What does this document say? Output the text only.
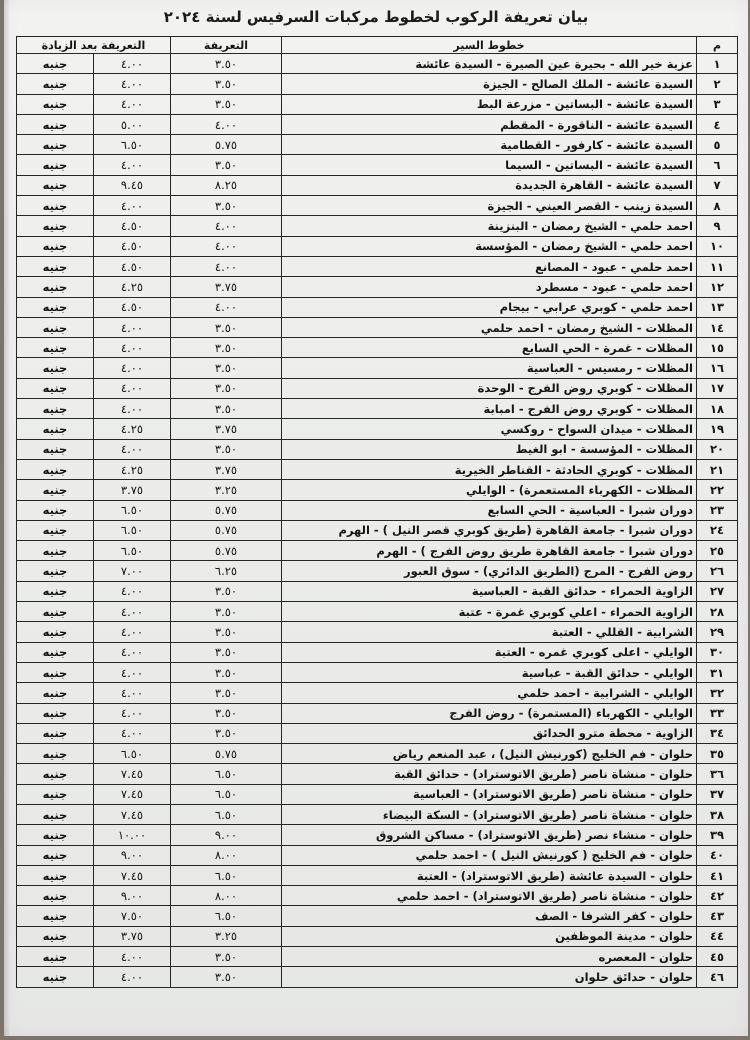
بيان تعريفة الركوب لخطوط مركبات السرفيس لسنة ٢٠٢٤
م	خطوط السير	التعريفة	التعريفة بعد الزيادة	
١	عزبة خير الله - بحيرة عين الصيرة - السيدة عائشة	٣.٥٠	٤.٠٠	جنيه
٢	السيدة عائشة - الملك الصالح - الجيزة	٣.٥٠	٤.٠٠	جنيه
٣	السيدة عائشة - البساتين - مزرعة البط	٣.٥٠	٤.٠٠	جنيه
٤	السيدة عائشة - الناقورة - المقطم	٤.٠٠	٥.٠٠	جنيه
٥	السيدة عائشة - كارفور - القطامية	٥.٧٥	٦.٥٠	جنيه
٦	السيدة عائشة - البساتين - السيما	٣.٥٠	٤.٠٠	جنيه
٧	السيدة عائشة - القاهرة الجديدة	٨.٢٥	٩.٤٥	جنيه
٨	السيدة زينب - القصر العيني - الجيزة	٣.٥٠	٤.٠٠	جنيه
٩	احمد حلمي - الشيخ رمضان - البنزينة	٤.٠٠	٤.٥٠	جنيه
١٠	احمد حلمي - الشيخ رمضان - المؤسسة	٤.٠٠	٤.٥٠	جنيه
١١	احمد حلمي - عبود - المصانع	٤.٠٠	٤.٥٠	جنيه
١٢	احمد حلمي - عبود - مسطرد	٣.٧٥	٤.٢٥	جنيه
١٣	احمد حلمي - كوبري عرابي - بيجام	٤.٠٠	٤.٥٠	جنيه
١٤	المظلات - الشيخ رمضان - احمد حلمي	٣.٥٠	٤.٠٠	جنيه
١٥	المظلات - غمرة - الحي السابع	٣.٥٠	٤.٠٠	جنيه
١٦	المظلات - رمسيس - العباسية	٣.٥٠	٤.٠٠	جنيه
١٧	المظلات - كوبري روض الفرج - الوحدة	٣.٥٠	٤.٠٠	جنيه
١٨	المظلات - كوبري روض الفرج - امبابة	٣.٥٠	٤.٠٠	جنيه
١٩	المظلات - ميدان السواح - روكسي	٣.٧٥	٤.٢٥	جنيه
٢٠	المظلات - المؤسسة - ابو الغيط	٣.٥٠	٤.٠٠	جنيه
٢١	المظلات - كوبري الحادثة - القناطر الخيرية	٣.٧٥	٤.٢٥	جنيه
٢٢	المظلات - الكهرباء المستعمرة) - الوايلي	٣.٢٥	٣.٧٥	جنيه
٢٣	دوران شبرا - العباسية - الحي السابع	٥.٧٥	٦.٥٠	جنيه
٢٤	دوران شبرا - جامعة القاهرة (طريق كوبري قصر النيل ) - الهرم	٥.٧٥	٦.٥٠	جنيه
٢٥	دوران شبرا - جامعة القاهرة طريق روض الفرج ) - الهرم	٥.٧٥	٦.٥٠	جنيه
٢٦	روض الفرج - المرج (الطريق الدائري) - سوق العبور	٦.٢٥	٧.٠٠	جنيه
٢٧	الزاوية الحمراء - حدائق القبة - العباسية	٣.٥٠	٤.٠٠	جنيه
٢٨	الزاوية الحمراء - اعلي كوبري غمرة - عتبة	٣.٥٠	٤.٠٠	جنيه
٢٩	الشرابية - القللي - العتبة	٣.٥٠	٤.٠٠	جنيه
٣٠	الوايلي - اعلى كوبري غمره - العتبة	٣.٥٠	٤.٠٠	جنيه
٣١	الوايلي - حدائق القبة - عباسية	٣.٥٠	٤.٠٠	جنيه
٣٢	الوايلي - الشرابية - احمد حلمي	٣.٥٠	٤.٠٠	جنيه
٣٣	الوايلي - الكهرباء (المستمرة) - روض الفرج	٣.٥٠	٤.٠٠	جنيه
٣٤	الزاوية - محطة مترو الحدائق	٣.٥٠	٤.٠٠	جنيه
٣٥	حلوان - فم الخليج (كورنيش النيل) ، عبد المنعم رياض	٥.٧٥	٦.٥٠	جنيه
٣٦	حلوان - منشاة ناصر (طريق الاتوستراد) - حدائق القبة	٦.٥٠	٧.٤٥	جنيه
٣٧	حلوان - منشاة ناصر (طريق الاتوستراد) - العباسية	٦.٥٠	٧.٤٥	جنيه
٣٨	حلوان - منشاة ناصر (طريق الاتوستراد) - السكة البيضاء	٦.٥٠	٧.٤٥	جنيه
٣٩	حلوان - منشاء نصر (طريق الاتوستراد) - مساكن الشروق	٩.٠٠	١٠.٠٠	جنيه
٤٠	حلوان - فم الخليج ( كورنيش النيل ) - احمد حلمي	٨.٠٠	٩.٠٠	جنيه
٤١	حلوان - السيدة عائشة (طريق الاتوستراد) - العتبة	٦.٥٠	٧.٤٥	جنيه
٤٢	حلوان - منشاة ناصر (طريق الاتوستراد) - احمد حلمي	٨.٠٠	٩.٠٠	جنيه
٤٣	حلوان - كفر الشرفا - الصف	٦.٥٠	٧.٥٠	جنيه
٤٤	حلوان - مدينة الموظفين	٣.٢٥	٣.٧٥	جنيه
٤٥	حلوان - المعصره	٣.٥٠	٤.٠٠	جنيه
٤٦	حلوان - حدائق حلوان	٣.٥٠	٤.٠٠	جنيه
